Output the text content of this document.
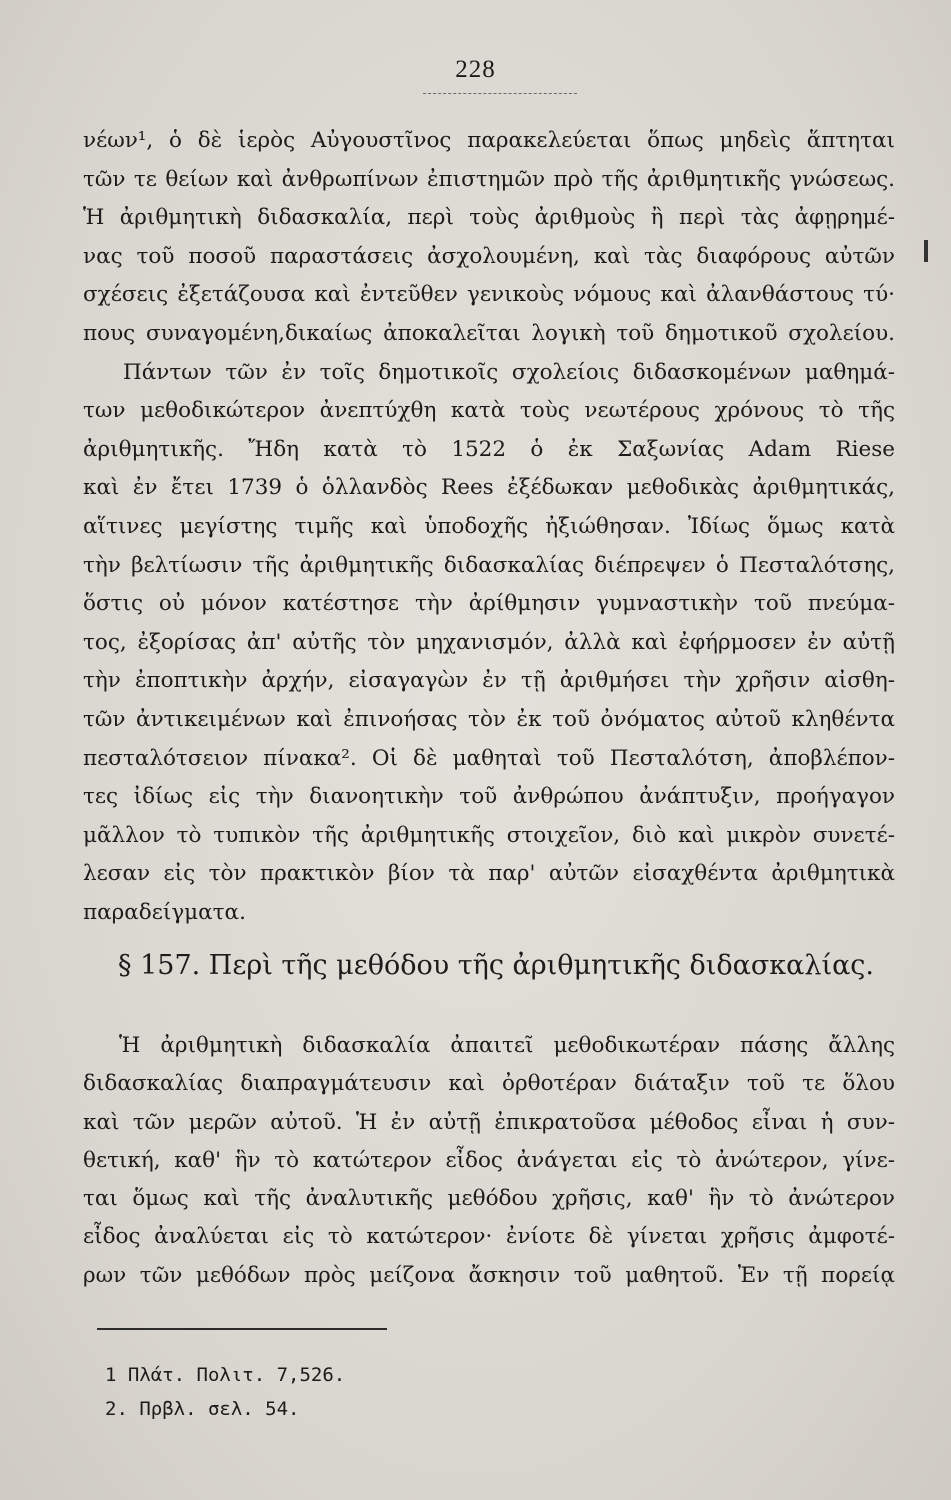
228
νέων¹, ὁ δὲ ἱερὸς Αὐγουστῖνος παρακελεύεται ὅπως μηδεὶς ἅπτηται
τῶν τε θείων καὶ ἀνθρωπίνων ἐπιστημῶν πρὸ τῆς ἀριθμητικῆς γνώσεως.
Ἡ ἀριθμητικὴ διδασκαλία, περὶ τοὺς ἀριθμοὺς ἢ περὶ τὰς ἀφῃρημέ-
νας τοῦ ποσοῦ παραστάσεις ἀσχολουμένη, καὶ τὰς διαφόρους αὐτῶν
σχέσεις ἐξετάζουσα καὶ ἐντεῦθεν γενικοὺς νόμους καὶ ἀλανθάστους τύ·
πους συναγομένη,δικαίως ἀποκαλεῖται λογικὴ τοῦ δημοτικοῦ σχολείου.
Πάντων τῶν ἐν τοῖς δημοτικοῖς σχολείοις διδασκομένων μαθημά-
των μεθοδικώτερον ἀνεπτύχθη κατὰ τοὺς νεωτέρους χρόνους τὸ τῆς
ἀριθμητικῆς. Ἤδη κατὰ τὸ 1522 ὁ ἐκ Σαξωνίας Adam Riese
καὶ ἐν ἔτει 1739 ὁ ὁλλανδὸς Rees ἐξέδωκαν μεθοδικὰς ἀριθμητικάς,
αἵτινες μεγίστης τιμῆς καὶ ὑποδοχῆς ἠξιώθησαν. Ἰδίως ὅμως κατὰ
τὴν βελτίωσιν τῆς ἀριθμητικῆς διδασκαλίας διέπρεψεν ὁ Πεσταλότσης,
ὅστις οὐ μόνον κατέστησε τὴν ἀρίθμησιν γυμναστικὴν τοῦ πνεύμα-
τος, ἐξορίσας ἀπ' αὐτῆς τὸν μηχανισμόν, ἀλλὰ καὶ ἐφήρμοσεν ἐν αὐτῇ
τὴν ἐποπτικὴν ἀρχήν, εἰσαγαγὼν ἐν τῇ ἀριθμήσει τὴν χρῆσιν αἰσθη-
τῶν ἀντικειμένων καὶ ἐπινοήσας τὸν ἐκ τοῦ ὀνόματος αὐτοῦ κληθέντα
πεσταλότσειον πίνακα². Οἱ δὲ μαθηταὶ τοῦ Πεσταλότση, ἀποβλέπον-
τες ἰδίως εἰς τὴν διανοητικὴν τοῦ ἀνθρώπου ἀνάπτυξιν, προήγαγον
μᾶλλον τὸ τυπικὸν τῆς ἀριθμητικῆς στοιχεῖον, διὸ καὶ μικρὸν συνετέ-
λεσαν εἰς τὸν πρακτικὸν βίον τὰ παρ' αὐτῶν εἰσαχθέντα ἀριθμητικὰ
παραδείγματα.
§ 157. Περὶ τῆς μεθόδου τῆς ἀριθμητικῆς διδασκαλίας.
Ἡ ἀριθμητικὴ διδασκαλία ἀπαιτεῖ μεθοδικωτέραν πάσης ἄλλης
διδασκαλίας διαπραγμάτευσιν καὶ ὀρθοτέραν διάταξιν τοῦ τε ὅλου
καὶ τῶν μερῶν αὐτοῦ. Ἡ ἐν αὐτῇ ἐπικρατοῦσα μέθοδος εἶναι ἡ συν-
θετική, καθ' ἣν τὸ κατώτερον εἶδος ἀνάγεται εἰς τὸ ἀνώτερον, γίνε-
ται ὅμως καὶ τῆς ἀναλυτικῆς μεθόδου χρῆσις, καθ' ἣν τὸ ἀνώτερον
εἶδος ἀναλύεται εἰς τὸ κατώτερον· ἐνίοτε δὲ γίνεται χρῆσις ἀμφοτέ-
ρων τῶν μεθόδων πρὸς μείζονα ἄσκησιν τοῦ μαθητοῦ. Ἐν τῇ πορείᾳ
1 Πλάτ. Πολιτ. 7,526.
2. Πρβλ. σελ. 54.
